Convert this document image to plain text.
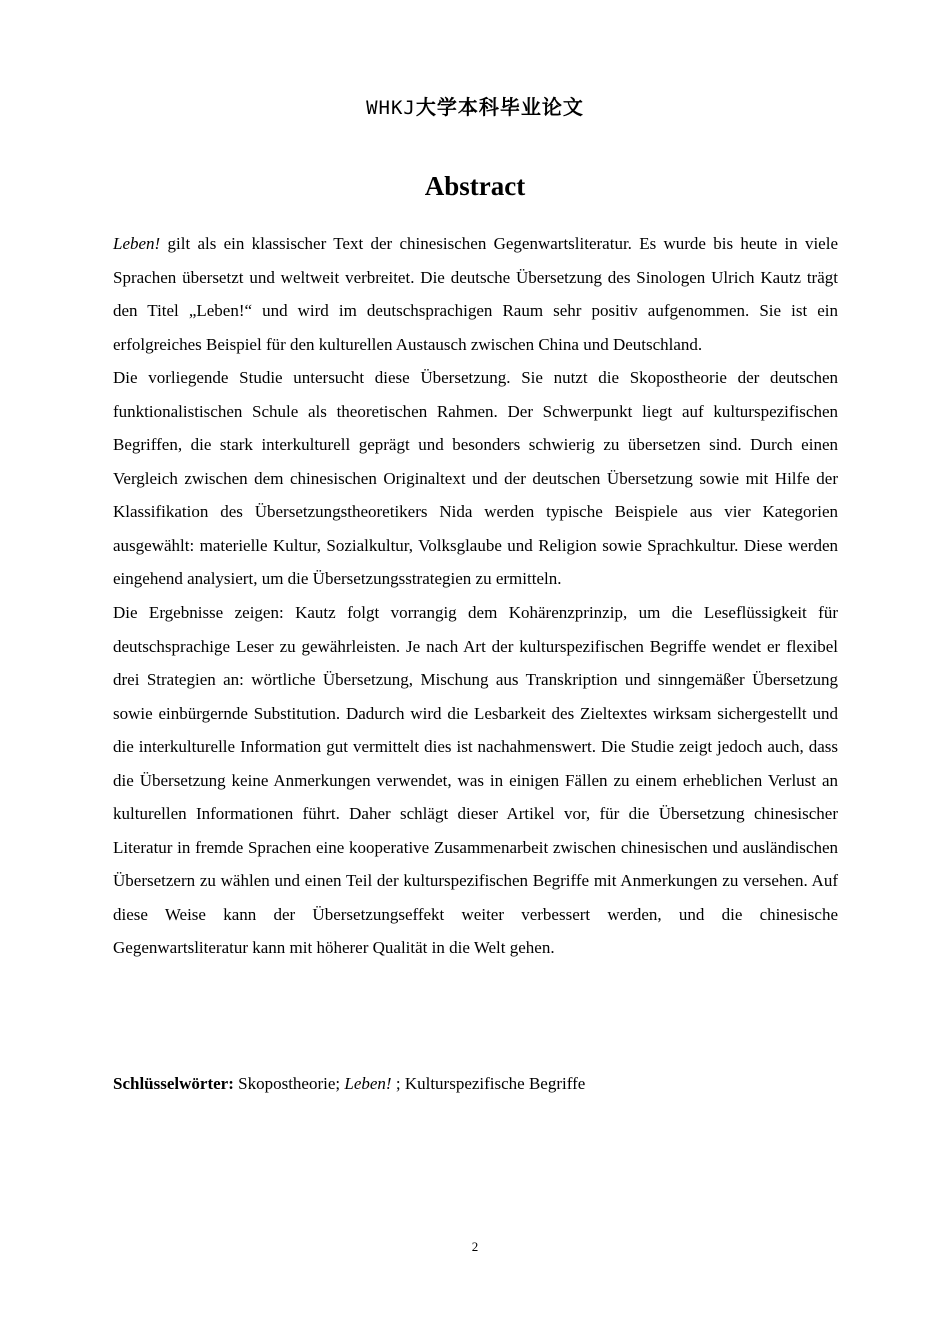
WHKJ大学本科毕业论文
Abstract

Leben! gilt als ein klassischer Text der chinesischen Gegenwartsliteratur. Es wurde bis heute in viele Sprachen übersetzt und weltweit verbreitet. Die deutsche Übersetzung des Sinologen Ulrich Kautz trägt den Titel „Leben!“ und wird im deutschsprachigen Raum sehr positiv aufgenommen. Sie ist ein erfolgreiches Beispiel für den kulturellen Austausch zwischen China und Deutschland.

Die vorliegende Studie untersucht diese Übersetzung. Sie nutzt die Skopostheorie der deutschen funktionalistischen Schule als theoretischen Rahmen. Der Schwerpunkt liegt auf kulturspezifischen Begriffen, die stark interkulturell geprägt und besonders schwierig zu übersetzen sind. Durch einen Vergleich zwischen dem chinesischen Originaltext und der deutschen Übersetzung sowie mit Hilfe der Klassifikation des Übersetzungstheoretikers Nida werden typische Beispiele aus vier Kategorien ausgewählt: materielle Kultur, Sozialkultur, Volksglaube und Religion sowie Sprachkultur. Diese werden eingehend analysiert, um die Übersetzungsstrategien zu ermitteln.

Die Ergebnisse zeigen: Kautz folgt vorrangig dem Kohärenzprinzip, um die Leseflüssigkeit für deutschsprachige Leser zu gewährleisten. Je nach Art der kulturspezifischen Begriffe wendet er flexibel drei Strategien an: wörtliche Übersetzung, Mischung aus Transkription und sinngemäßer Übersetzung sowie einbürgernde Substitution. Dadurch wird die Lesbarkeit des Zieltextes wirksam sichergestellt und die interkulturelle Information gut vermittelt dies ist nachahmenswert. Die Studie zeigt jedoch auch, dass die Übersetzung keine Anmerkungen verwendet, was in einigen Fällen zu einem erheblichen Verlust an kulturellen Informationen führt. Daher schlägt dieser Artikel vor, für die Übersetzung chinesischer Literatur in fremde Sprachen eine kooperative Zusammenarbeit zwischen chinesischen und ausländischen Übersetzern zu wählen und einen Teil der kulturspezifischen Begriffe mit Anmerkungen zu versehen. Auf diese Weise kann der Übersetzungseffekt weiter verbessert werden, und die chinesische Gegenwartsliteratur kann mit höherer Qualität in die Welt gehen.

Schlüsselwörter: Skopostheorie; Leben! ; Kulturspezifische Begriffe

2
